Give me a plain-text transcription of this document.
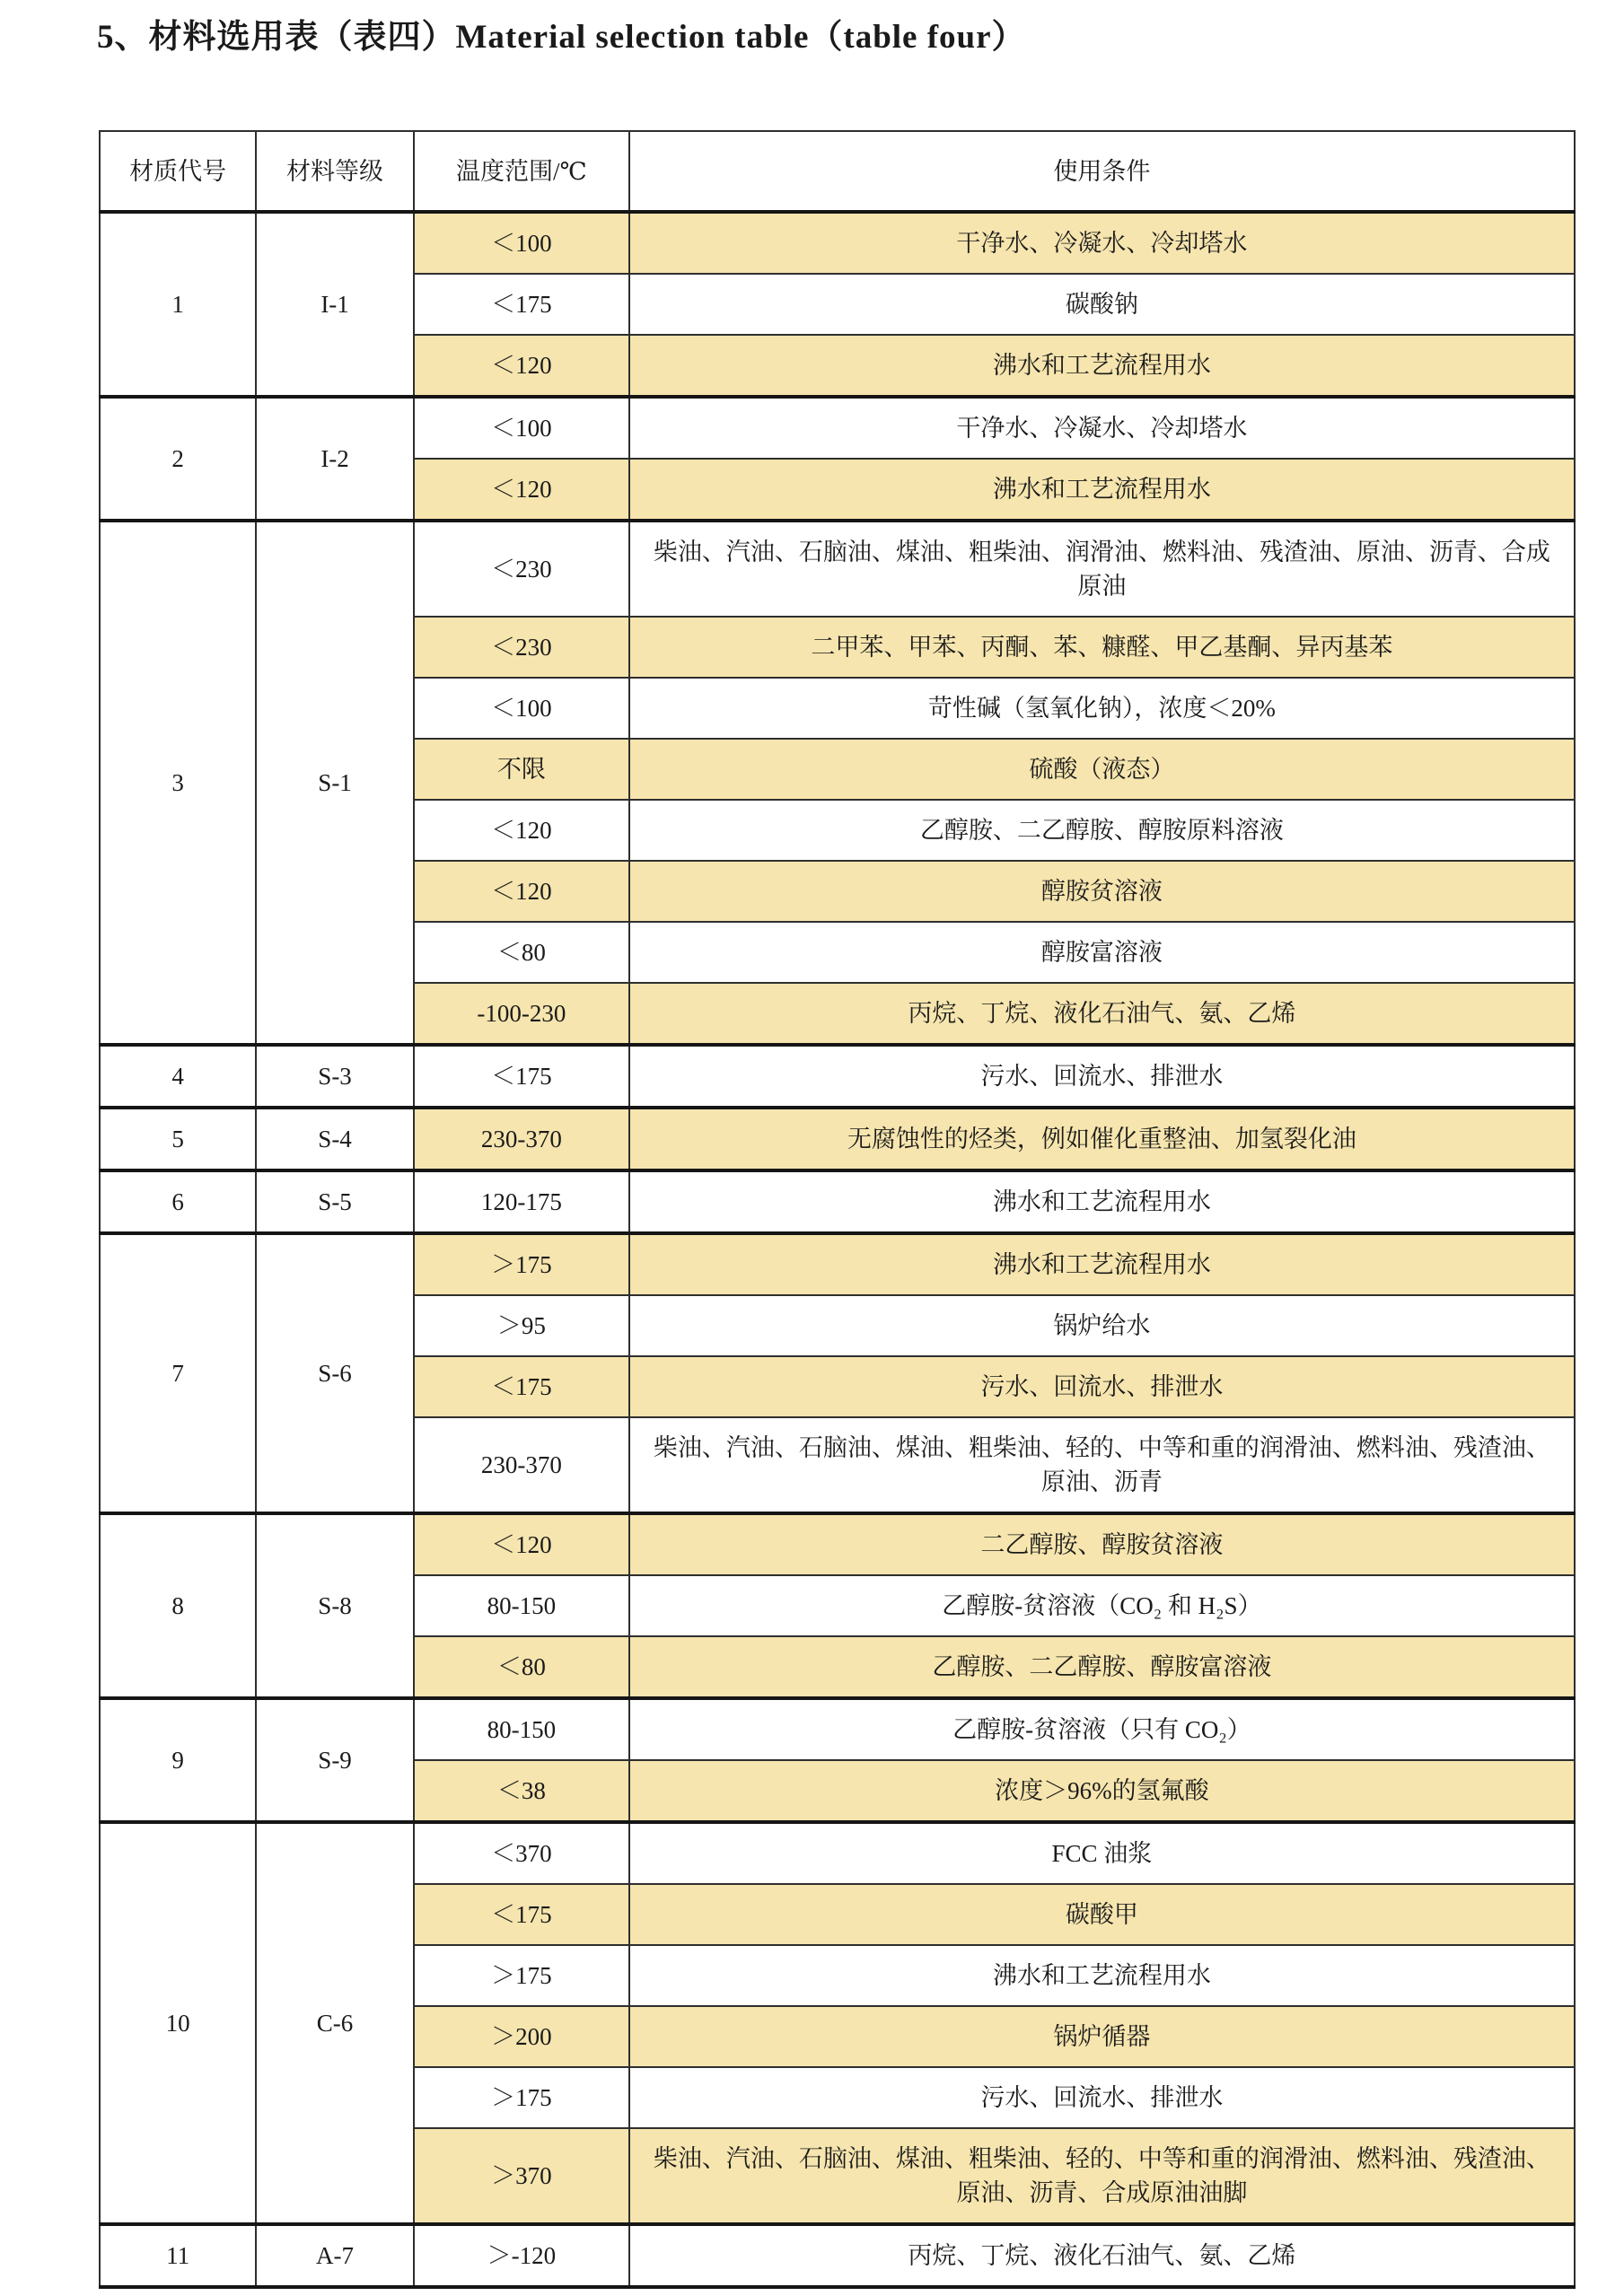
5、材料选用表（表四）Material selection table（table four）
材质代号	材料等级	温度范围/℃	使用条件
1	I-1	＜100	干净水、冷凝水、冷却塔水
		＜175	碳酸钠
		＜120	沸水和工艺流程用水
2	I-2	＜100	干净水、冷凝水、冷却塔水
		＜120	沸水和工艺流程用水
3	S-1	＜230	柴油、汽油、石脑油、煤油、粗柴油、润滑油、燃料油、残渣油、原油、沥青、合成原油
		＜230	二甲苯、甲苯、丙酮、苯、糠醛、甲乙基酮、异丙基苯
		＜100	苛性碱（氢氧化钠），浓度＜20%
		不限	硫酸（液态）
		＜120	乙醇胺、二乙醇胺、醇胺原料溶液
		＜120	醇胺贫溶液
		＜80	醇胺富溶液
		-100-230	丙烷、丁烷、液化石油气、氨、乙烯
4	S-3	＜175	污水、回流水、排泄水
5	S-4	230-370	无腐蚀性的烃类，例如催化重整油、加氢裂化油
6	S-5	120-175	沸水和工艺流程用水
7	S-6	＞175	沸水和工艺流程用水
		＞95	锅炉给水
		＜175	污水、回流水、排泄水
		230-370	柴油、汽油、石脑油、煤油、粗柴油、轻的、中等和重的润滑油、燃料油、残渣油、原油、沥青
8	S-8	＜120	二乙醇胺、醇胺贫溶液
		80-150	乙醇胺-贫溶液（CO₂ 和 H₂S）
		＜80	乙醇胺、二乙醇胺、醇胺富溶液
9	S-9	80-150	乙醇胺-贫溶液（只有 CO₂）
		＜38	浓度＞96%的氢氟酸
10	C-6	＜370	FCC 油浆
		＜175	碳酸甲
		＞175	沸水和工艺流程用水
		＞200	锅炉循器
		＞175	污水、回流水、排泄水
		＞370	柴油、汽油、石脑油、煤油、粗柴油、轻的、中等和重的润滑油、燃料油、残渣油、原油、沥青、合成原油油脚
11	A-7	＞-120	丙烷、丁烷、液化石油气、氨、乙烯
